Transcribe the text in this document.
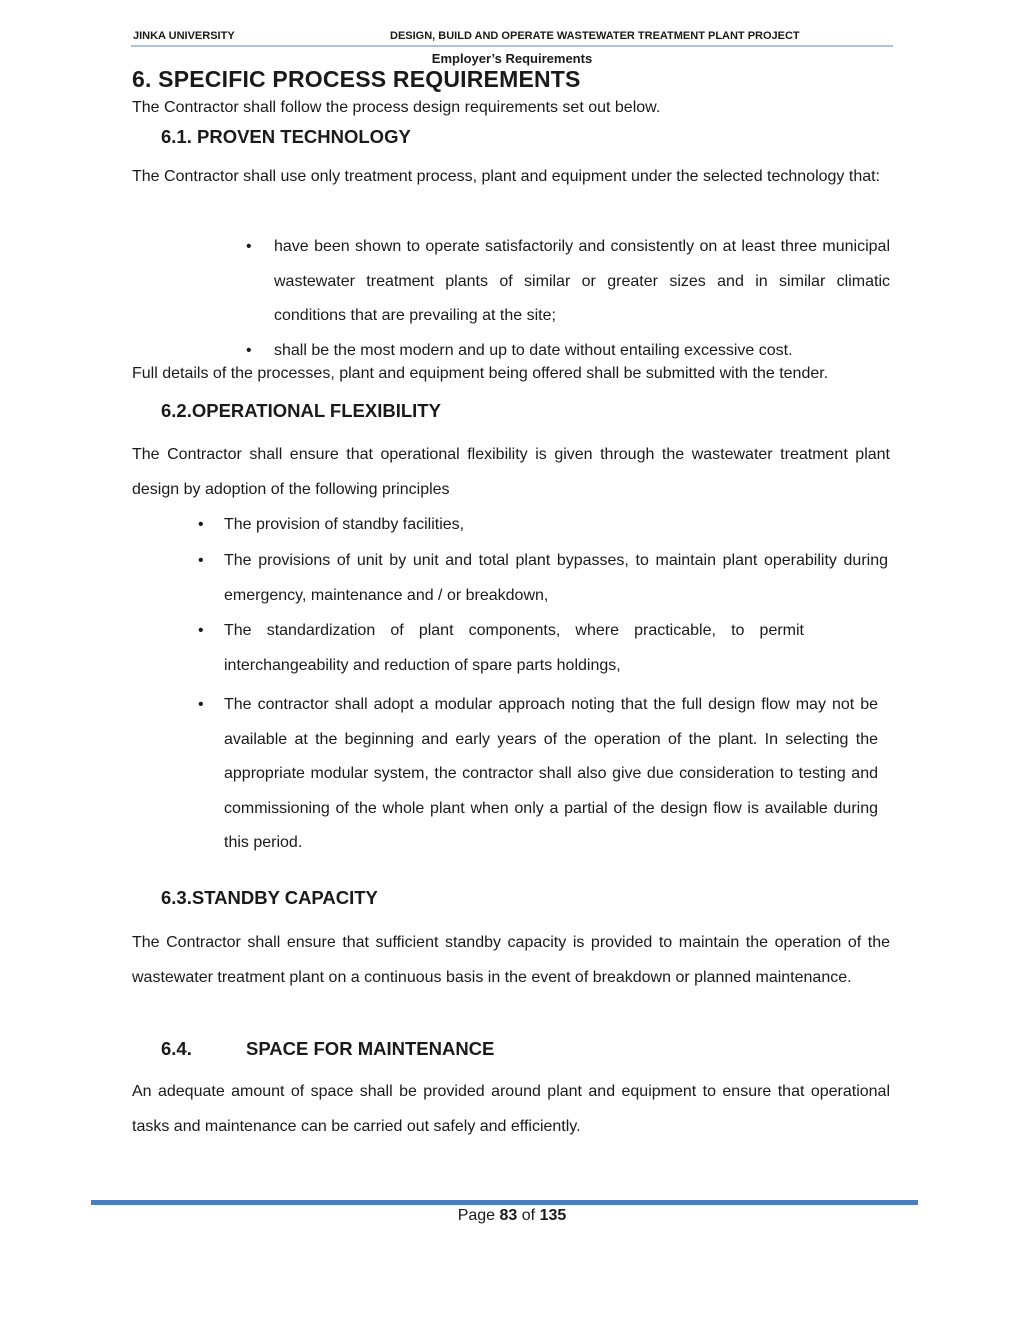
JINKA UNIVERSITY	DESIGN, BUILD AND OPERATE WASTEWATER TREATMENT PLANT PROJECT
Employer’s Requirements
6. SPECIFIC PROCESS REQUIREMENTS
The Contractor shall follow the process design requirements set out below.
6.1. PROVEN TECHNOLOGY
The Contractor shall use only treatment process, plant and equipment under the selected technology that:
• have been shown to operate satisfactorily and consistently on at least three municipal wastewater treatment plants of similar or greater sizes and in similar climatic conditions that are prevailing at the site;
• shall be the most modern and up to date without entailing excessive cost.
Full details of the processes, plant and equipment being offered shall be submitted with the tender.
6.2.OPERATIONAL FLEXIBILITY
The Contractor shall ensure that operational flexibility is given through the wastewater treatment plant design by adoption of the following principles
• The provision of standby facilities,
• The provisions of unit by unit and total plant bypasses, to maintain plant operability during emergency, maintenance and / or breakdown,
• The standardization of plant components, where practicable, to permit interchangeability and reduction of spare parts holdings,
• The contractor shall adopt a modular approach noting that the full design flow may not be available at the beginning and early years of the operation of the plant. In selecting the appropriate modular system, the contractor shall also give due consideration to testing and commissioning of the whole plant when only a partial of the design flow is available during this period.
6.3.STANDBY CAPACITY
The Contractor shall ensure that sufficient standby capacity is provided to maintain the operation of the wastewater treatment plant on a continuous basis in the event of breakdown or planned maintenance.
6.4.	SPACE FOR MAINTENANCE
An adequate amount of space shall be provided around plant and equipment to ensure that operational tasks and maintenance can be carried out safely and efficiently.
Page 83 of 135
